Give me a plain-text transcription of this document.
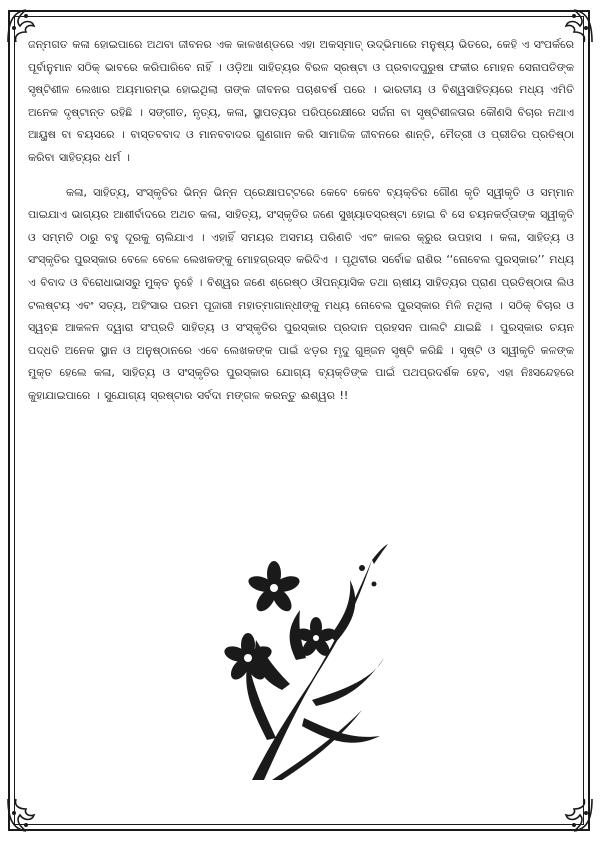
ଜନ୍ମଗତ କଳା ହୋଇପାରେ ଅଥବା ଜୀବନର ଏକ କାଳଖଣ୍ଡରେ ଏହା ଅକସ୍ମାତ୍ ଉଦ୍ଭିମାରେ ମନୁଷ୍ୟ ଭିତରେ, କେହି ଏ ସଂପର୍କରେ ପୂର୍ବାନୁମାନ ସଠିକ୍ ଭାବରେ କରିପାରିବେ ନାହିଁ । ଓଡ଼ିଆ ସାହିତ୍ୟର ବିରଳ ସ୍ରଷ୍ଟା ଓ ପ୍ରବାଦପୁରୁଷ ଫକୀର ମୋହନ ସେନାପତିଙ୍କ ସୃଷ୍ଟିଶୀଳ ଲେଖାର ଅୟମାରମ୍ଭ ହୋଇଥିଲା ତାଙ୍କ ଜୀବନର ପଚାଶବର୍ଷ ପରେ । ଭାରତୀୟ ଓ ବିଶ୍ୱସାହିତ୍ୟରେ ମଧ୍ୟ ଏମିତି ଅନେକ ଦୃଷ୍ଟାନ୍ତ ରହିଛି । ସଙ୍ଗୀତ, ନୃତ୍ୟ, କଳା, ସ୍ଥାପତ୍ୟର ପରିପ୍ରେକ୍ଷୀରେ ସର୍ଜନା ବା ସୃଷ୍ଟିଶୀଳତାର କୌଣସି ବିଚାର ନଥାଏ ଆୟୁଷ ବା ବୟସରେ । ବାସ୍ତବବାଦ ଓ ମାନବବାଦର ଗୁଣଗାନ କରି ସାମାଜିକ ଜୀବନରେ ଶାନ୍ତି, ମୈତ୍ରୀ ଓ ପ୍ରୀତିର ପ୍ରତିଷ୍ଠା କରିବା ସାହିତ୍ୟର ଧର୍ମ ।

କଳା, ସାହିତ୍ୟ, ସଂସ୍କୃତିର ଭିନ୍ନ ଭିନ୍ନ ପ୍ରେକ୍ଷାପଟ୍ଟରେ କେବେ କେବେ ବ୍ୟକ୍ତିର ଗୌଣ କୃତି ସ୍ୱୀକୃତି ଓ ସମ୍ମାନ ପାଇଯାଏ ଭାଗ୍ୟର ଆଶୀର୍ବାଦରେ ଅଥଚ କଳା, ସାହିତ୍ୟ, ସଂସ୍କୃତିର ଜଣେ ସୁଖ୍ୟାତସ୍ରଷ୍ଟା ହୋଇ ବି ସେ ଚୟନକର୍ତ୍ତାଙ୍କ ସ୍ୱୀକୃତି ଓ ସମ୍ମତି ଠାରୁ ବହୁ ଦୂରକୁ ଚାଲିଯାଏ । ଏହାହିଁ ସମୟର ଅସମୟ ପରିଣତି ଏବଂ କାଳର କ୍ରୁର ଉପହାସ । କଳା, ସାହିତ୍ୟ ଓ ସଂସ୍କୃତିର ପୁରସ୍କାର ବେଳେ ବେଳେ ଲେଖକଙ୍କୁ ମୋହଗ୍ରସ୍ତ କରିଦିଏ । ପୃଥିବୀର ସର୍ବୋଚ୍ଚ ରାଶିର ‘‘ନୋବେଲ ପୁରସ୍କାର’’ ମଧ୍ୟ ଏ ବିବାଦ ଓ ବିରୋଧାଭାସରୁ ମୁକ୍ତ ନୁହେଁ । ବିଶ୍ୱର ଜଣେ ଶ୍ରେଷ୍ଠ ଔପନ୍ୟାସିକ ତଥା ଋଷୀୟ ସାହିତ୍ୟର ପ୍ରାଣ ପ୍ରତିଷ୍ଠାତା ଲିଓ ଟଲଷ୍ଟୟ ଏବଂ ସତ୍ୟ, ଅହିଂସାର ପରମ ପୂଜାରୀ ମହାତ୍ମାଗାନ୍ଧୀଙ୍କୁ ମଧ୍ୟ ନୋବେଲ ପୁରସ୍କାର ମିଳି ନଥିଲା । ସଠିକ୍ ବିଚାର ଓ ସ୍ୱଚ୍ଛ ଆକଳନ ଦ୍ୱାରା ସଂପ୍ରତି ସାହିତ୍ୟ ଓ ସଂସ୍କୃତିର ପୁରସ୍କାର ପ୍ରଦାନ ପ୍ରହସନ ପାଲଟି ଯାଇଛି । ପୁରସ୍କାର ଚୟନ ପଦ୍ଧତି ଅନେକ ସ୍ଥାନ ଓ ଅନୁଷ୍ଠାନରେ ଏବେ ଲେଖକଙ୍କ ପାଇଁ ଝଡ଼ର ମୃଦୁ ଗୁଞ୍ଜନ ସୃଷ୍ଟି କରିଛି । ସୃଷ୍ଟି ଓ ସ୍ୱୀକୃତି କଳଙ୍କ ମୁକ୍ତ ହେଲେ କଳା, ସାହିତ୍ୟ ଓ ସଂସ୍କୃତିର ପୁରସ୍କାର ଯୋଗ୍ୟ ବ୍ୟକ୍ତିଙ୍କ ପାଇଁ ପଥପ୍ରଦର୍ଶକ ହେବ, ଏହା ନିଃସନ୍ଦେହରେ କୁହାଯାଇପାରେ । ସୁଯୋଗ୍ୟ ସ୍ରଷ୍ଟାର ସର୍ବଦା ମଙ୍ଗଳ କରନ୍ତୁ ଈଶ୍ୱର !!
